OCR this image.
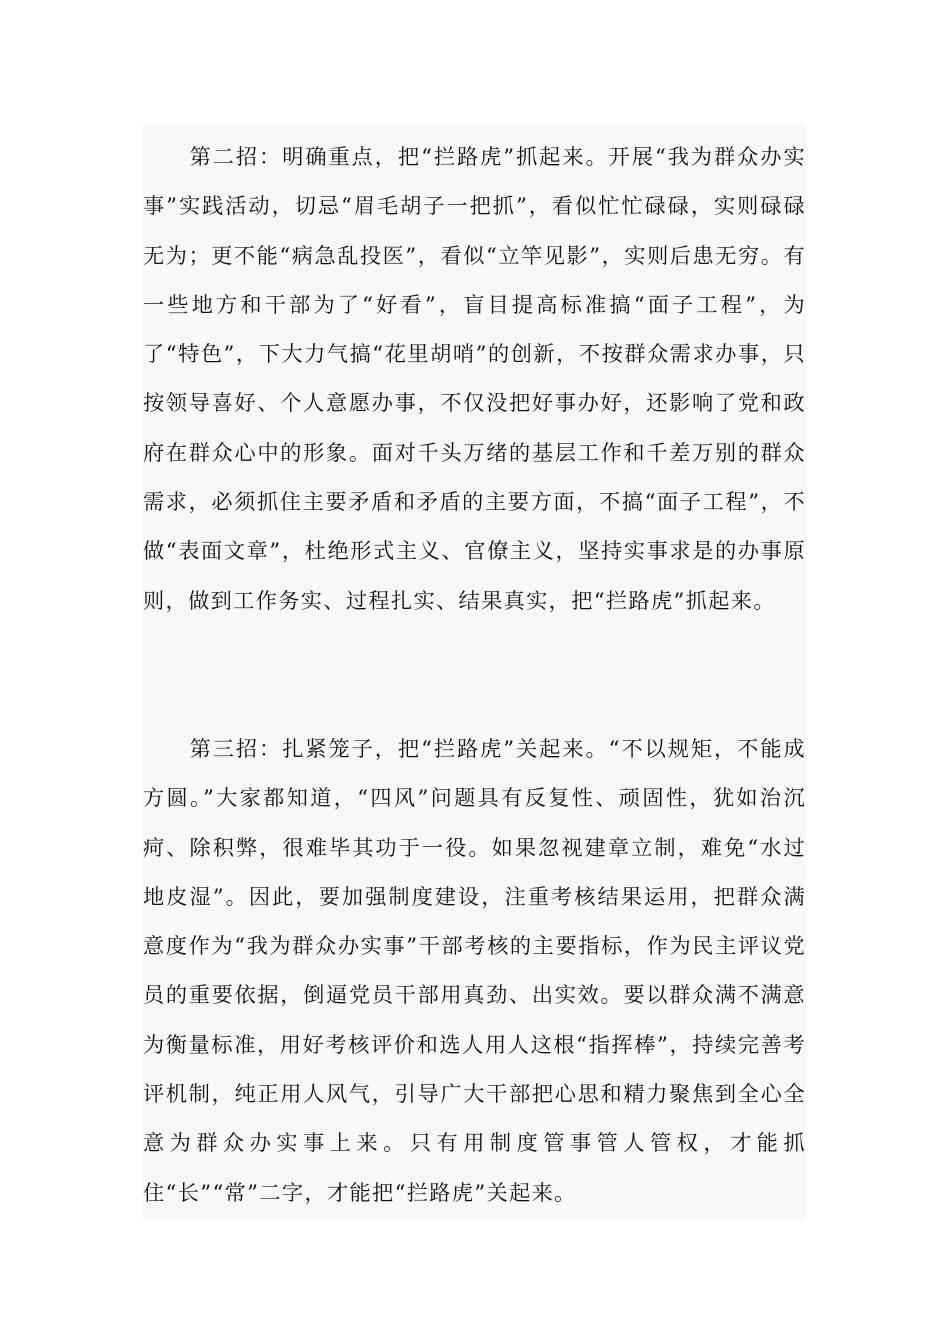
第二招：明确重点，把“拦路虎”抓起来。开展“我为群众办实事”实践活动，切忌“眉毛胡子一把抓”，看似忙忙碌碌，实则碌碌无为；更不能“病急乱投医”，看似“立竿见影”，实则后患无穷。有一些地方和干部为了“好看”，盲目提高标准搞“面子工程”，为了“特色”，下大力气搞“花里胡哨”的创新，不按群众需求办事，只按领导喜好、个人意愿办事，不仅没把好事办好，还影响了党和政府在群众心中的形象。面对千头万绪的基层工作和千差万别的群众需求，必须抓住主要矛盾和矛盾的主要方面，不搞“面子工程”，不做“表面文章”，杜绝形式主义、官僚主义，坚持实事求是的办事原则，做到工作务实、过程扎实、结果真实，把“拦路虎”抓起来。

第三招：扎紧笼子，把“拦路虎”关起来。“不以规矩，不能成方圆。”大家都知道，“四风”问题具有反复性、顽固性，犹如治沉疴、除积弊，很难毕其功于一役。如果忽视建章立制，难免“水过地皮湿”。因此，要加强制度建设，注重考核结果运用，把群众满意度作为“我为群众办实事”干部考核的主要指标，作为民主评议党员的重要依据，倒逼党员干部用真劲、出实效。要以群众满不满意为衡量标准，用好考核评价和选人用人这根“指挥棒”，持续完善考评机制，纯正用人风气，引导广大干部把心思和精力聚焦到全心全意为群众办实事上来。只有用制度管事管人管权，才能抓住“长”“常”二字，才能把“拦路虎”关起来。
